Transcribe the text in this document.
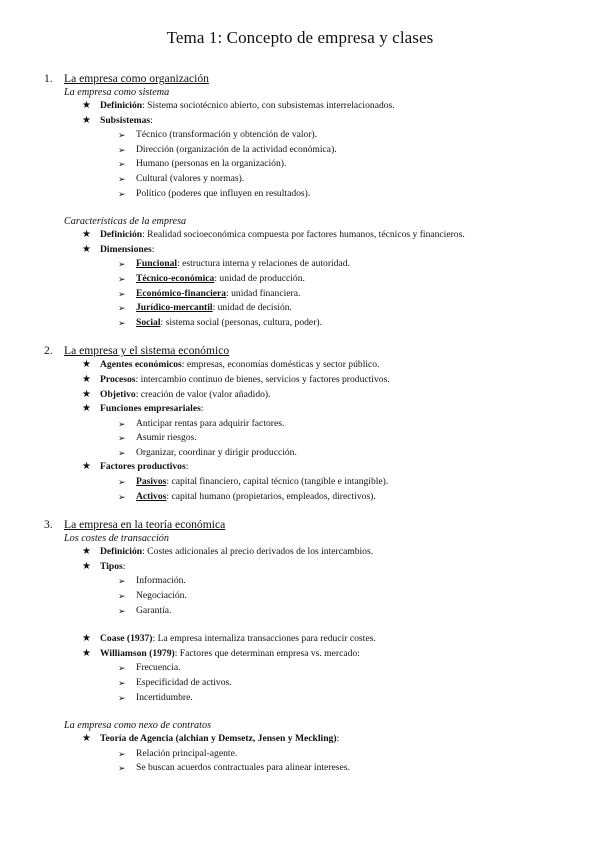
Tema 1: Concepto de empresa y clases
1. La empresa como organización
La empresa como sistema
★ Definición: Sistema sociotécnico abierto, con subsistemas interrelacionados.
★ Subsistemas:
➢ Técnico (transformación y obtención de valor).
➢ Dirección (organización de la actividad económica).
➢ Humano (personas en la organización).
➢ Cultural (valores y normas).
➢ Político (poderes que influyen en resultados).
Características de la empresa
★ Definición: Realidad socioeconómica compuesta por factores humanos, técnicos y financieros.
★ Dimensiones:
➢ Funcional: estructura interna y relaciones de autoridad.
➢ Técnico-económica: unidad de producción.
➢ Económico-financiera: unidad financiera.
➢ Jurídico-mercantil: unidad de decisión.
➢ Social: sistema social (personas, cultura, poder).
2. La empresa y el sistema económico
★ Agentes económicos: empresas, economías domésticas y sector público.
★ Procesos: intercambio continuo de bienes, servicios y factores productivos.
★ Objetivo: creación de valor (valor añadido).
★ Funciones empresariales:
➢ Anticipar rentas para adquirir factores.
➢ Asumir riesgos.
➢ Organizar, coordinar y dirigir producción.
★ Factores productivos:
➢ Pasivos: capital financiero, capital técnico (tangible e intangible).
➢ Activos: capital humano (propietarios, empleados, directivos).
3. La empresa en la teoría económica
Los costes de transacción
★ Definición: Costes adicionales al precio derivados de los intercambios.
★ Tipos:
➢ Información.
➢ Negociación.
➢ Garantía.
★ Coase (1937): La empresa internaliza transacciones para reducir costes.
★ Williamson (1979): Factores que determinan empresa vs. mercado:
➢ Frecuencia.
➢ Especificidad de activos.
➢ Incertidumbre.
La empresa como nexo de contratos
★ Teoría de Agencia (alchian y Demsetz, Jensen y Meckling):
➢ Relación principal-agente.
➢ Se buscan acuerdos contractuales para alinear intereses.
